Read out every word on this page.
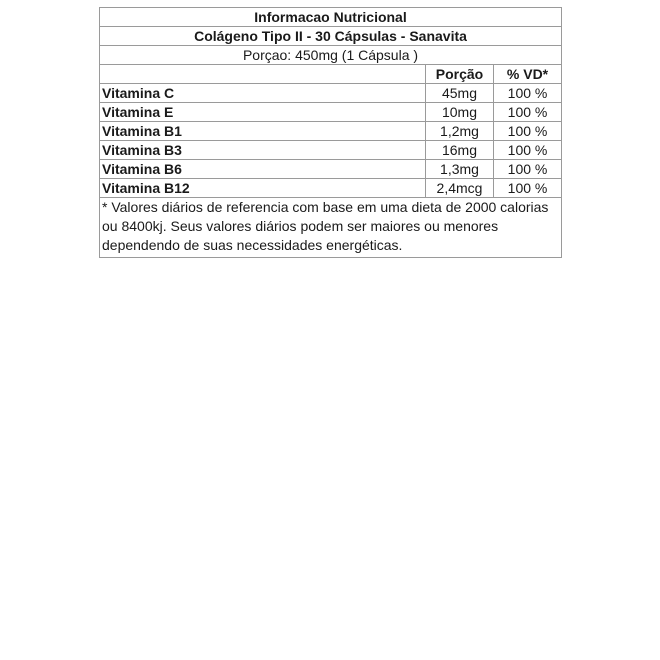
Informacao Nutricional		
Colágeno Tipo II - 30 Cápsulas - Sanavita		
Porçao: 450mg (1 Cápsula )		
	Porção	% VD*
Vitamina C	45mg	100 %
Vitamina E	10mg	100 %
Vitamina B1	1,2mg	100 %
Vitamina B3	16mg	100 %
Vitamina B6	1,3mg	100 %
Vitamina B12	2,4mcg	100 %
* Valores diários de referencia com base em uma dieta de 2000 calorias ou 8400kj. Seus valores diários podem ser maiores ou menores dependendo de suas necessidades energéticas.		
